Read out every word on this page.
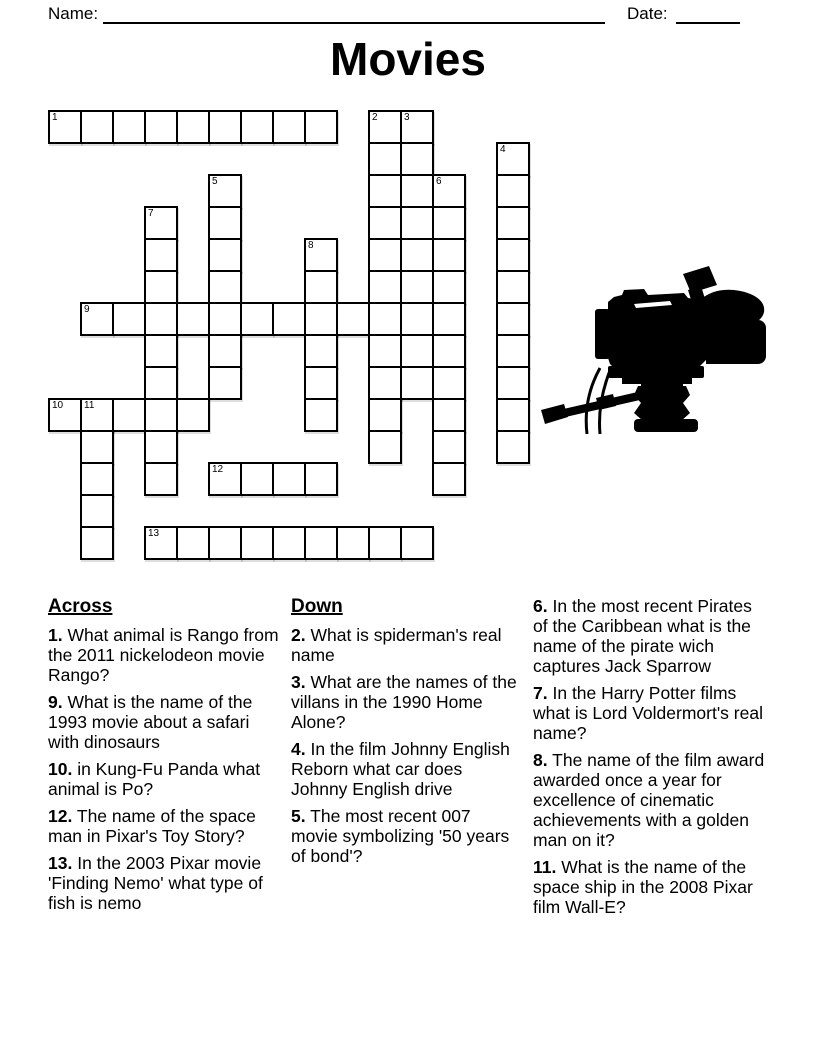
Name:	Date:
Movies
1	2	3
4
5	6
7
8
9
10 11
12
13
Across

1. What animal is Rango from the 2011 nickelodeon movie Rango?

9. What is the name of the 1993 movie about a safari with dinosaurs

10. in Kung-Fu Panda what animal is Po?

12. The name of the space man in Pixar's Toy Story?

13. In the 2003 Pixar movie 'Finding Nemo' what type of fish is nemo

Down

2. What is spiderman's real name

3. What are the names of the villans in the 1990 Home Alone?

4. In the film Johnny English Reborn what car does Johnny English drive

5. The most recent 007 movie symbolizing '50 years of bond'?

6. In the most recent Pirates of the Caribbean what is the name of the pirate wich captures Jack Sparrow

7. In the Harry Potter films what is Lord Voldermort's real name?

8. The name of the film award awarded once a year for excellence of cinematic achievements with a golden man on it?

11. What is the name of the space ship in the 2008 Pixar film Wall-E?
